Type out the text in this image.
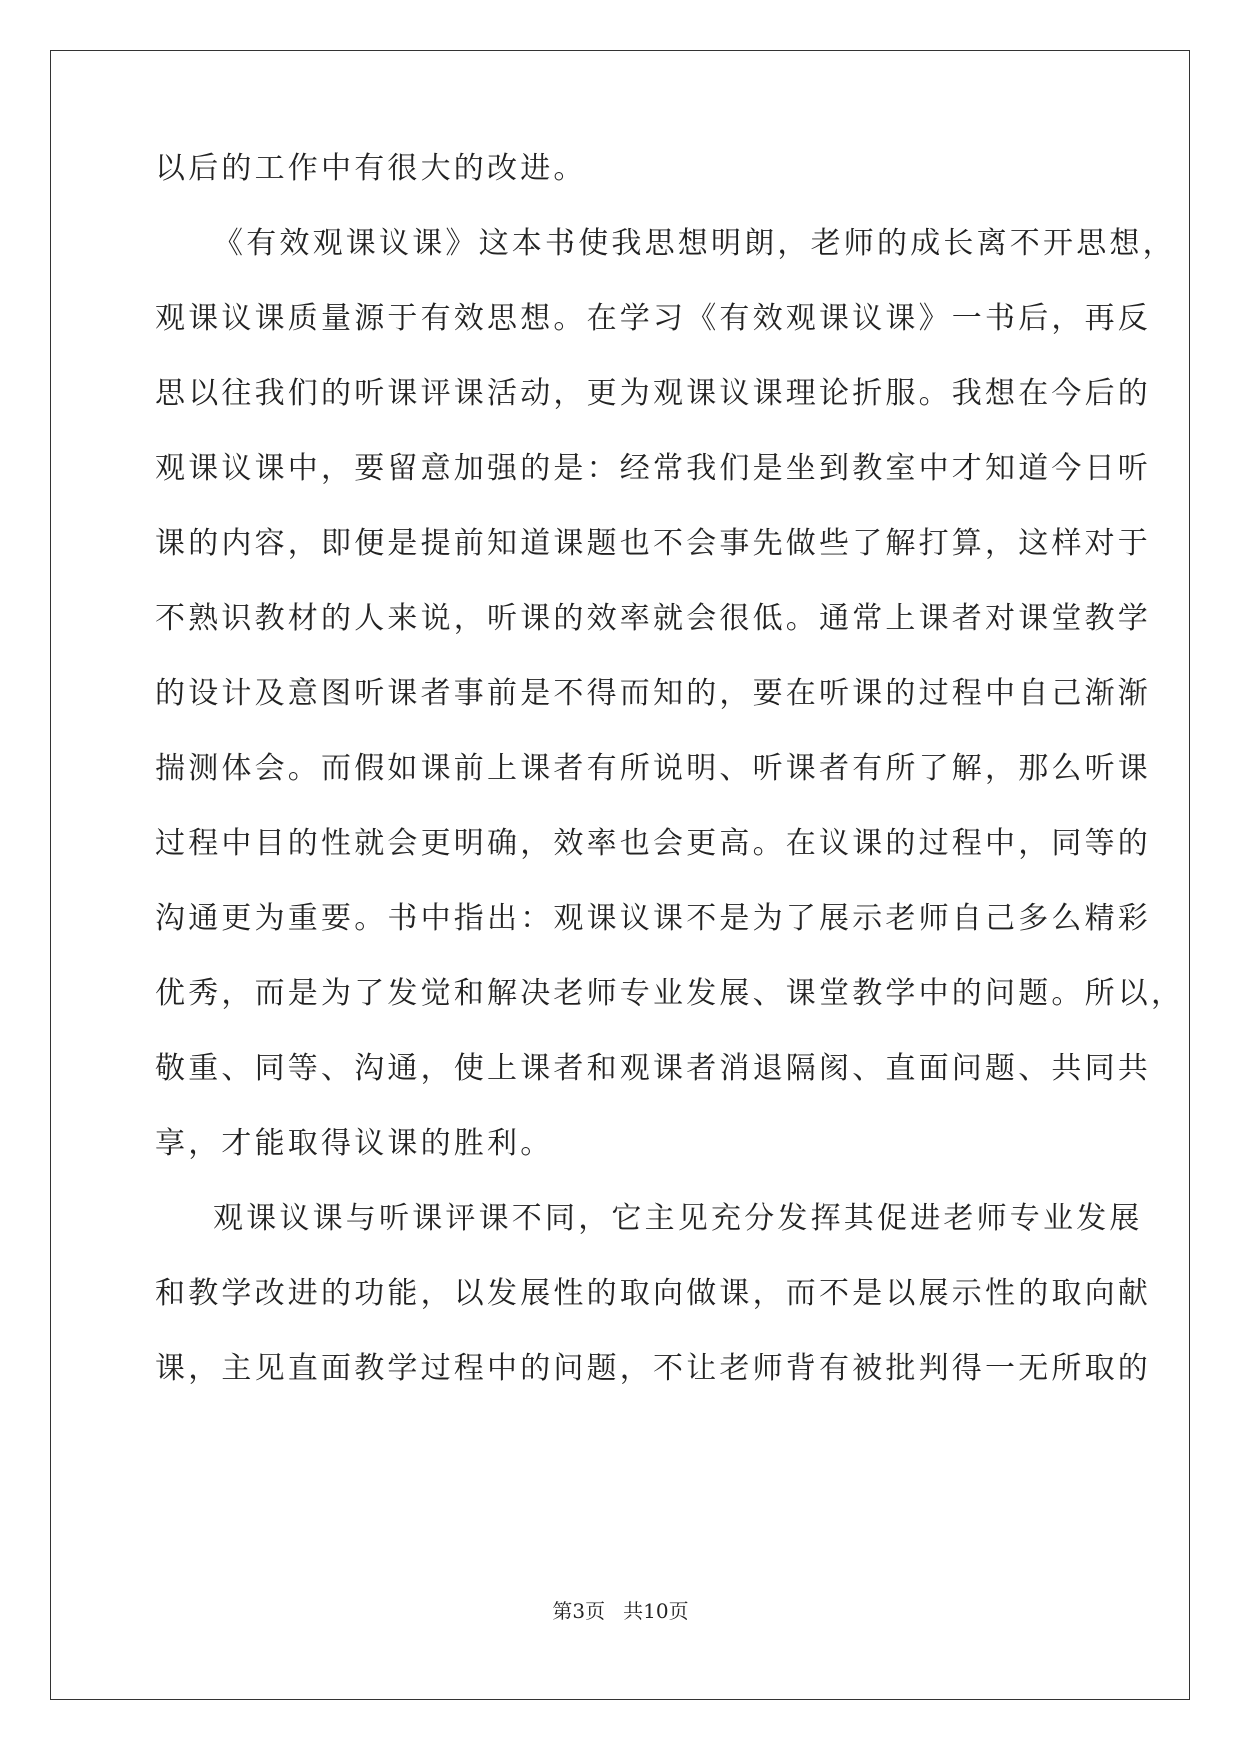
以后的工作中有很大的改进。
《有效观课议课》这本书使我思想明朗，老师的成长离不开思想，
观课议课质量源于有效思想。在学习《有效观课议课》一书后，再反
思以往我们的听课评课活动，更为观课议课理论折服。我想在今后的
观课议课中，要留意加强的是：经常我们是坐到教室中才知道今日听
课的内容，即便是提前知道课题也不会事先做些了解打算，这样对于
不熟识教材的人来说，听课的效率就会很低。通常上课者对课堂教学
的设计及意图听课者事前是不得而知的，要在听课的过程中自己渐渐
揣测体会。而假如课前上课者有所说明、听课者有所了解，那么听课
过程中目的性就会更明确，效率也会更高。在议课的过程中，同等的
沟通更为重要。书中指出：观课议课不是为了展示老师自己多么精彩
优秀，而是为了发觉和解决老师专业发展、课堂教学中的问题。所以，
敬重、同等、沟通，使上课者和观课者消退隔阂、直面问题、共同共
享，才能取得议课的胜利。
观课议课与听课评课不同，它主见充分发挥其促进老师专业发展
和教学改进的功能，以发展性的取向做课，而不是以展示性的取向献
课，主见直面教学过程中的问题，不让老师背有被批判得一无所取的
第3页 共10页
